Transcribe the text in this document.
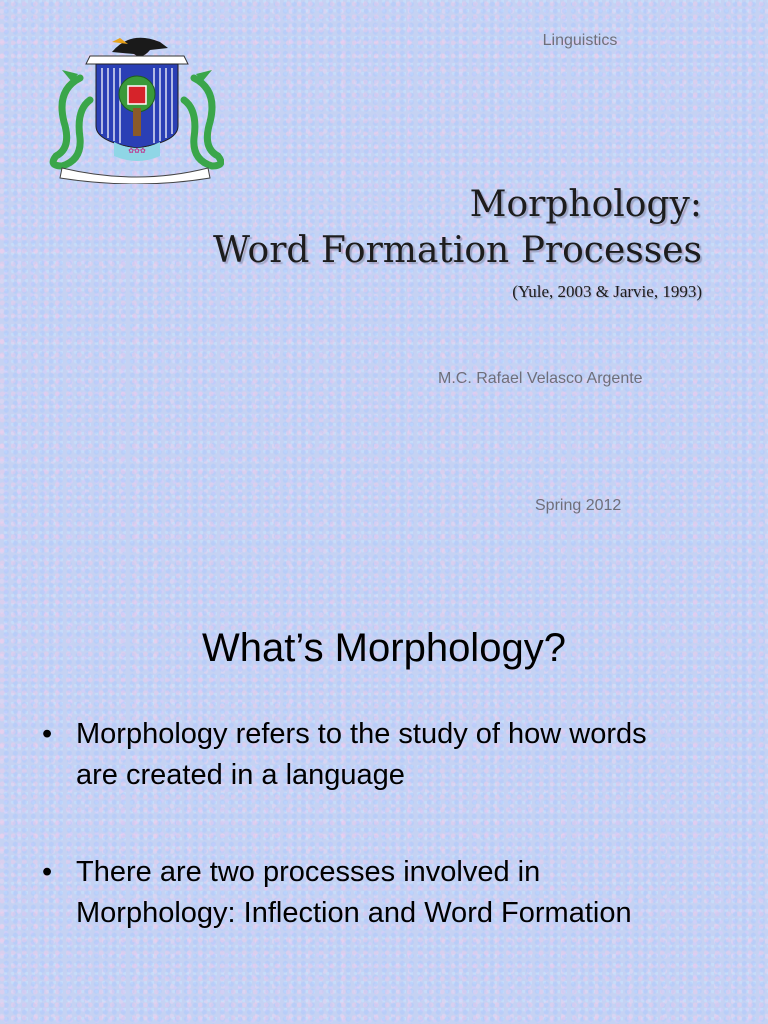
✿✿✿
Linguistics
Morphology:
Word Formation Processes
(Yule, 2003 & Jarvie, 1993)
M.C. Rafael Velasco Argente
Spring 2012
What’s Morphology?
• Morphology refers to the study of how words are created in a language
• There are two processes involved in Morphology: Inflection and Word Formation
